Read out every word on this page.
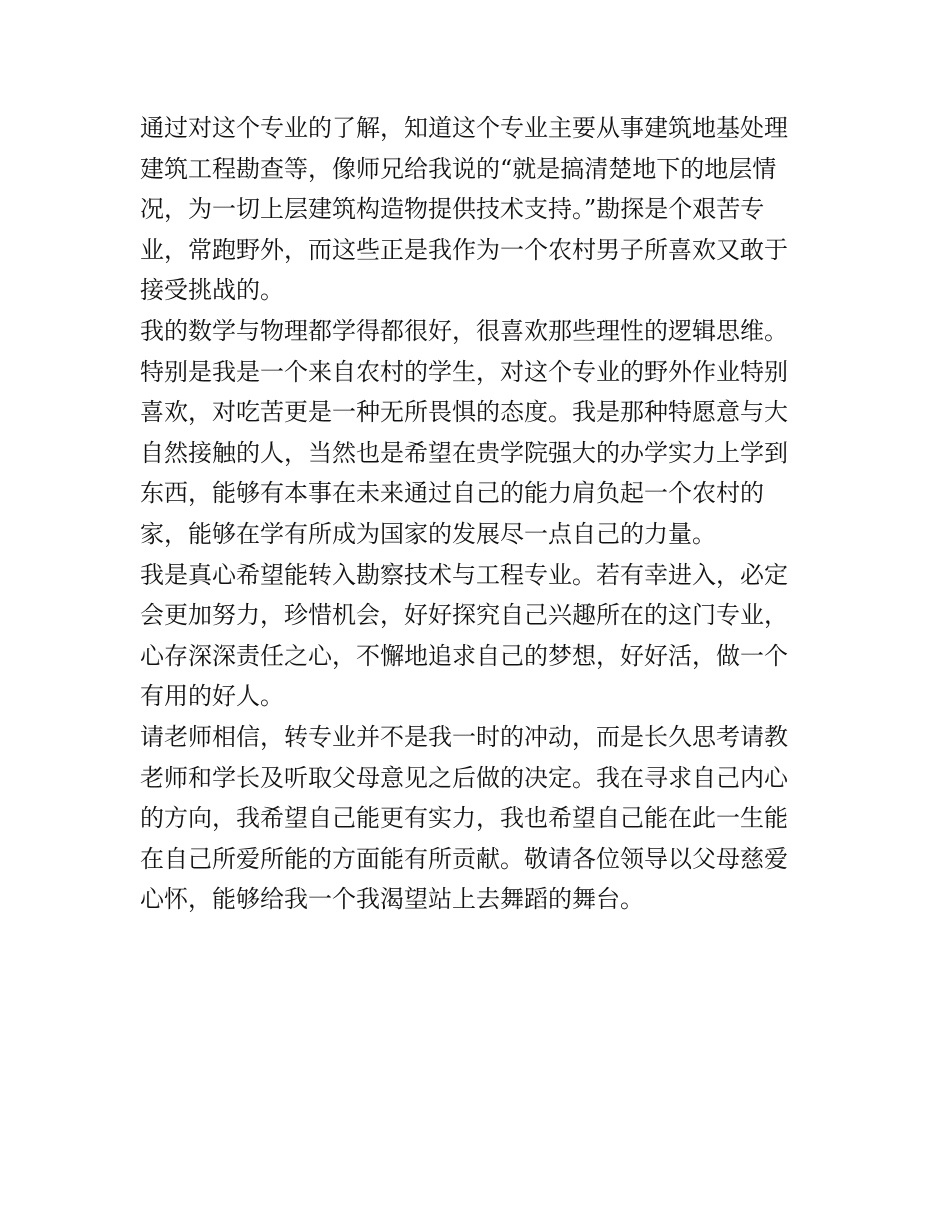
通过对这个专业的了解，知道这个专业主要从事建筑地基处理
建筑工程勘查等，像师兄给我说的“就是搞清楚地下的地层情
况，为一切上层建筑构造物提供技术支持。”勘探是个艰苦专
业，常跑野外，而这些正是我作为一个农村男子所喜欢又敢于
接受挑战的。

我的数学与物理都学得都很好，很喜欢那些理性的逻辑思维。
特别是我是一个来自农村的学生，对这个专业的野外作业特别
喜欢，对吃苦更是一种无所畏惧的态度。我是那种特愿意与大
自然接触的人，当然也是希望在贵学院强大的办学实力上学到
东西，能够有本事在未来通过自己的能力肩负起一个农村的
家，能够在学有所成为国家的发展尽一点自己的力量。

我是真心希望能转入勘察技术与工程专业。若有幸进入，必定
会更加努力，珍惜机会，好好探究自己兴趣所在的这门专业，
心存深深责任之心，不懈地追求自己的梦想，好好活，做一个
有用的好人。

请老师相信，转专业并不是我一时的冲动，而是长久思考请教
老师和学长及听取父母意见之后做的决定。我在寻求自己内心
的方向，我希望自己能更有实力，我也希望自己能在此一生能
在自己所爱所能的方面能有所贡献。敬请各位领导以父母慈爱
心怀，能够给我一个我渴望站上去舞蹈的舞台。
